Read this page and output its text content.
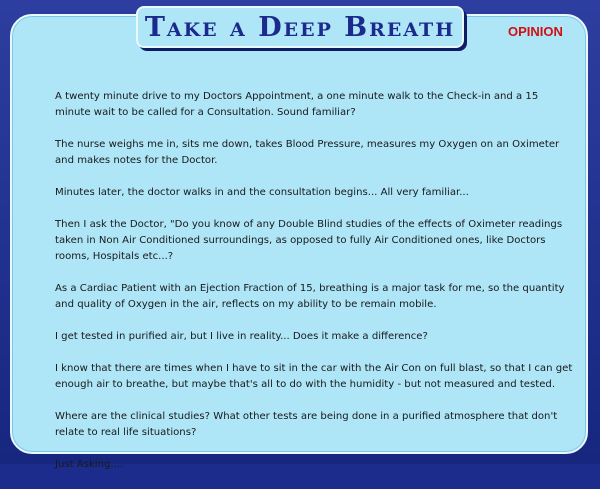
A twenty minute drive to my Doctors Appointment, a one minute walk to the Check-in and a 15 minute wait to be called for a Consultation. Sound familiar?

The nurse weighs me in, sits me down, takes Blood Pressure, measures my Oxygen on an Oximeter and makes notes for the Doctor.

Minutes later, the doctor walks in and the consultation begins... All very familiar...

Then I ask the Doctor, "Do you know of any Double Blind studies of the effects of Oximeter readings taken in Non Air Conditioned surroundings, as opposed to fully Air Conditioned ones, like Doctors rooms, Hospitals etc...?

As a Cardiac Patient with an Ejection Fraction of 15, breathing is a major task for me, so the quantity and quality of Oxygen in the air, reflects on my ability to be remain mobile.

I get tested in purified air, but I live in reality... Does it make a difference?

I know that there are times when I have to sit in the car with the Air Con on full blast, so that I can get enough air to breathe, but maybe that's all to do with the humidity - but not measured and tested.

Where are the clinical studies? What other tests are being done in a purified atmosphere that don't relate to real life situations?

Just Asking....

Take a Deep Breath	OPINION
